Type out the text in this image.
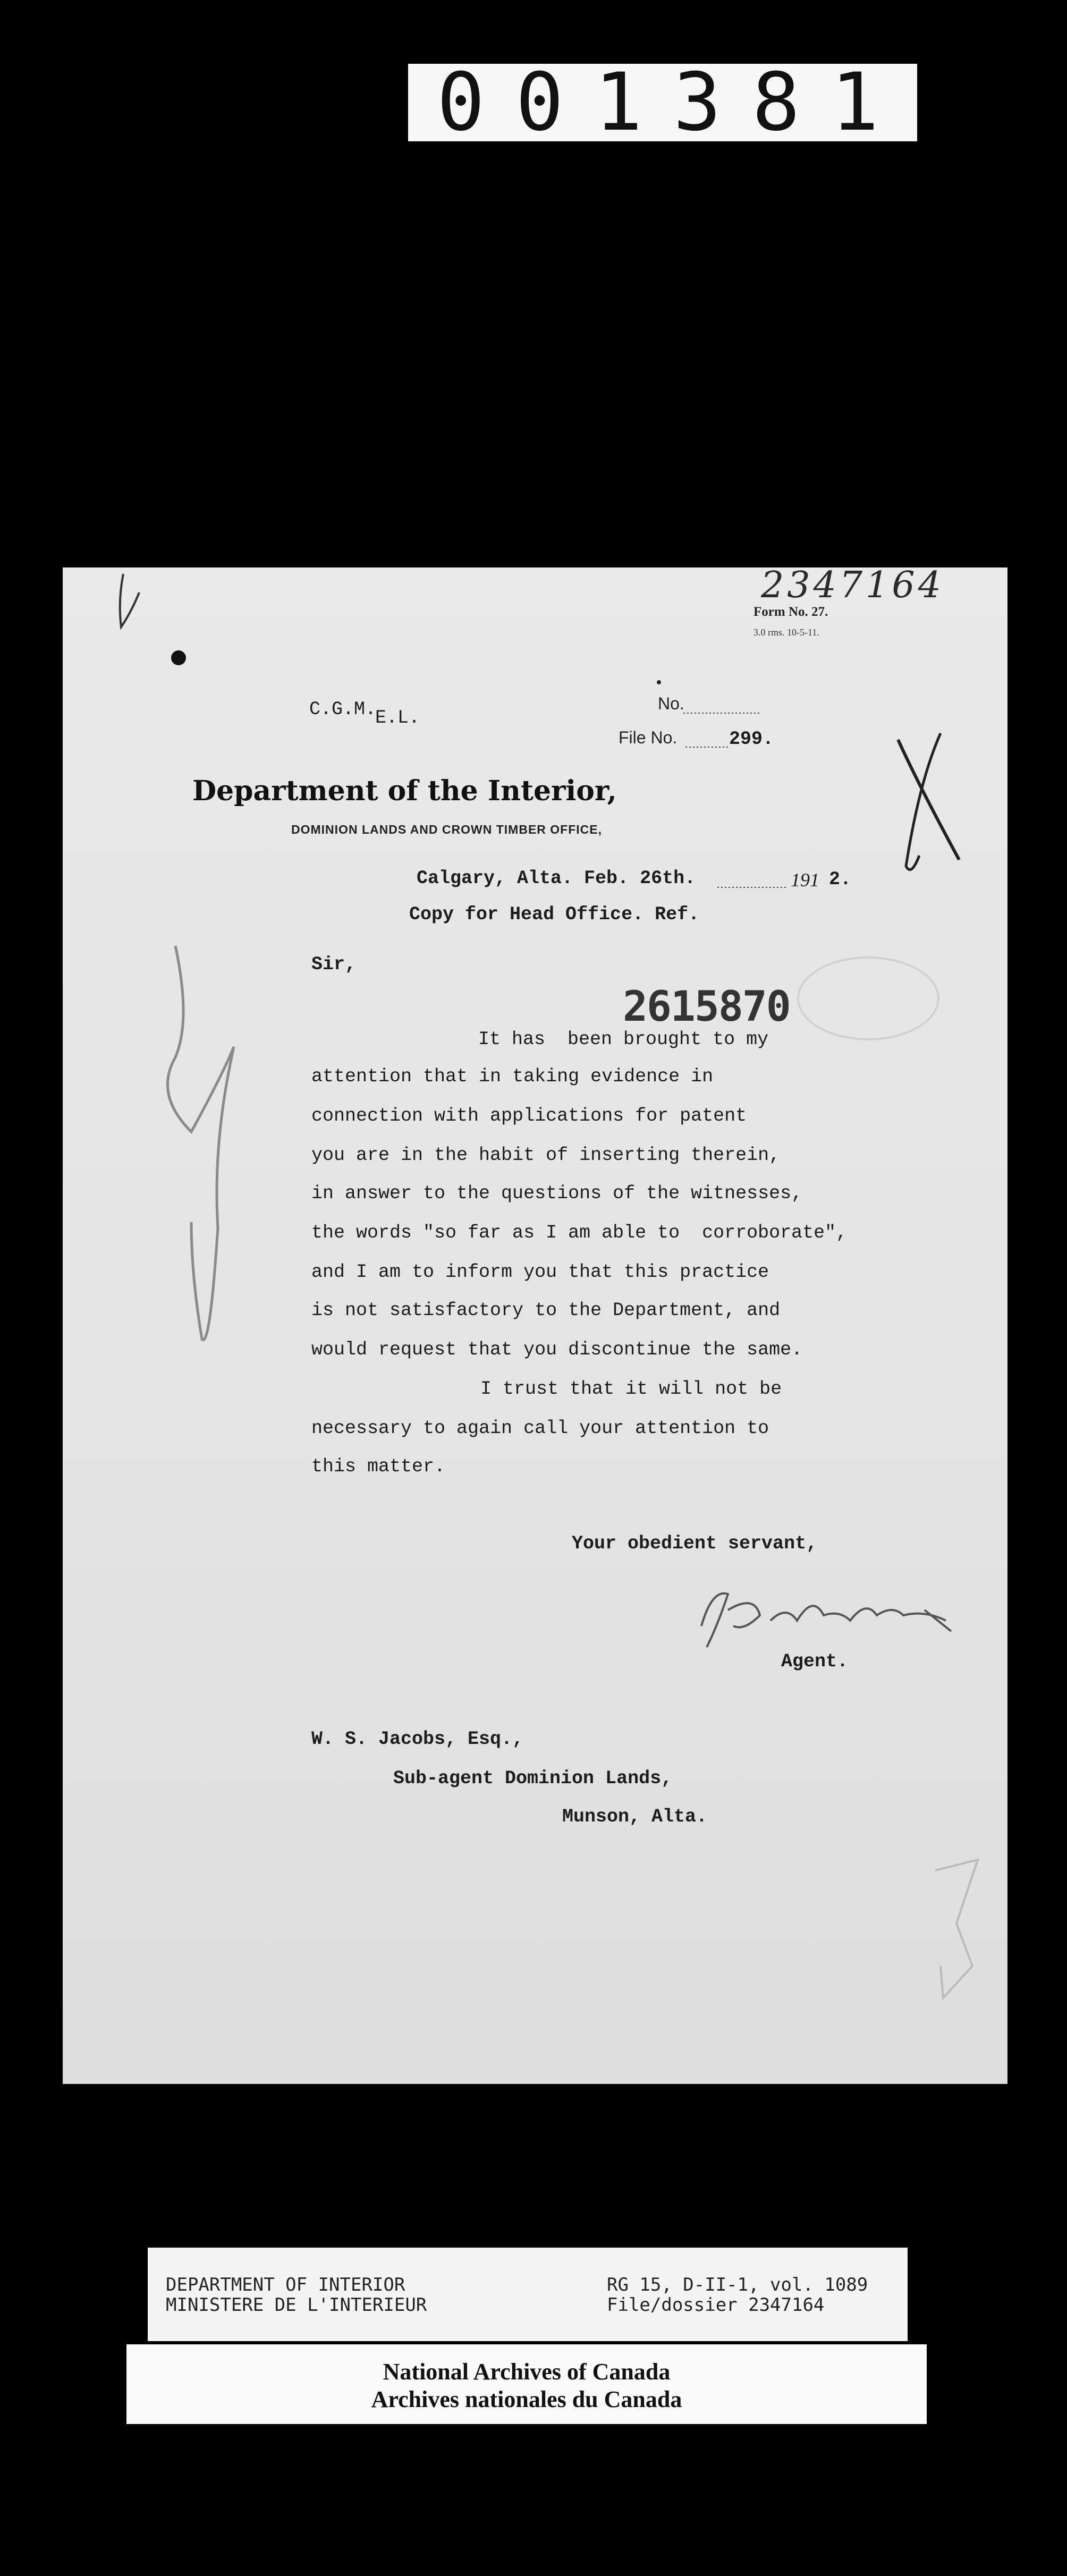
001381
2347164
Form No. 27.
3.0 rms. 10-5-11.
C.G.M.
E.L.
No.
File No.	299.
Department of the Interior,
DOMINION LANDS AND CROWN TIMBER OFFICE,
Calgary, Alta. Feb. 26th.	191 2.
Copy for Head Office. Ref.
Sir,
2615870

It has  been brought to my

attention that in taking evidence in

connection with applications for patent

you are in the habit of inserting therein,

in answer to the questions of the witnesses,

the words "so far as I am able to  corroborate",

and I am to inform you that this practice

is not satisfactory to the Department, and

would request that you discontinue the same.

I trust that it will not be

necessary to again call your attention to

this matter.

Your obedient servant,
Agent.
W. S. Jacobs, Esq.,
Sub-agent Dominion Lands,
Munson, Alta.
DEPARTMENT OF INTERIOR
MINISTERE DE L'INTERIEUR
RG 15, D-II-1, vol. 1089
File/dossier 2347164
National Archives of Canada
Archives nationales du Canada
